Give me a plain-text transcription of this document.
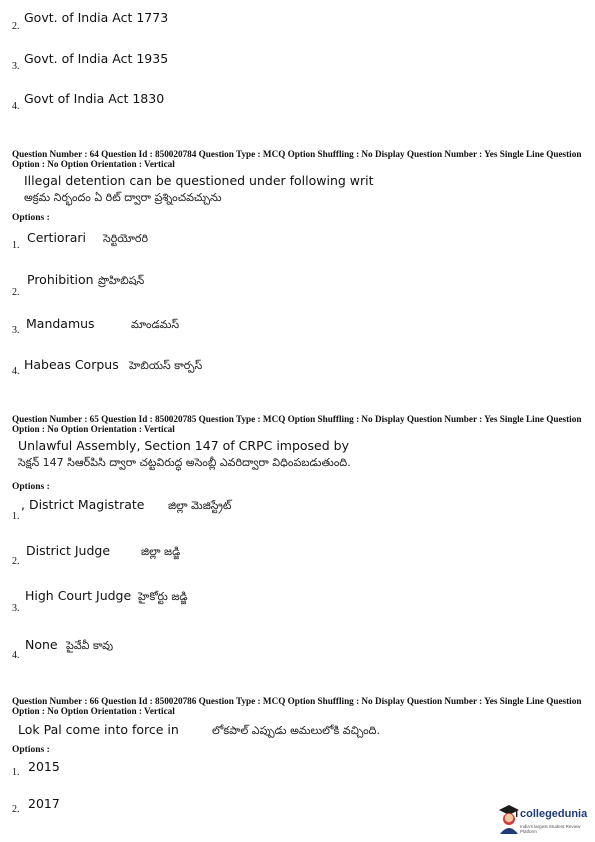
2.
Govt. of India Act 1773
3.
Govt. of India Act 1935
4.
Govt of India Act 1830
Question Number : 64 Question Id : 850020784 Question Type : MCQ Option Shuffling : No Display Question Number : Yes Single Line Question Option : No Option Orientation : Vertical
Illegal detention can be questioned under following writ
అక్రమ నిర్భందం ఏ రిట్ ద్వారా ప్రశ్నించవచ్చును
Options :
1.
Certiorari సెర్టియోరరి
2.
Prohibition ప్రొహిబిషన్
3. Mandamus	మాండమస్
4. Habeas Corpus హెబియస్ కార్పస్
Question Number : 65 Question Id : 850020785 Question Type : MCQ Option Shuffling : No Display Question Number : Yes Single Line Question Option : No Option Orientation : Vertical
Unlawful Assembly, Section 147 of CRPC imposed by
సెక్షన్ 147 సిఆర్‌పిసి ద్వారా చట్టవిరుద్ధ అసెంబ్లీ ఎవరిద్వారా విధింపబడుతుంది.
Options :
1.
, District Magistrate జిల్లా మెజిస్ట్రేట్
2.
District Judge	జిల్లా జడ్జి
3.
High Court Judge హైకోర్టు జడ్జి
4.
None పైవేవీ కావు
Question Number : 66 Question Id : 850020786 Question Type : MCQ Option Shuffling : No Display Question Number : Yes Single Line Question Option : No Option Orientation : Vertical
Lok Pal come into force in	లోకపాల్ ఎప్పుడు అమలులోకి వచ్చింది.
Options :
1. 2015
2. 2017
collegedunia
India's largest Student Review Platform
